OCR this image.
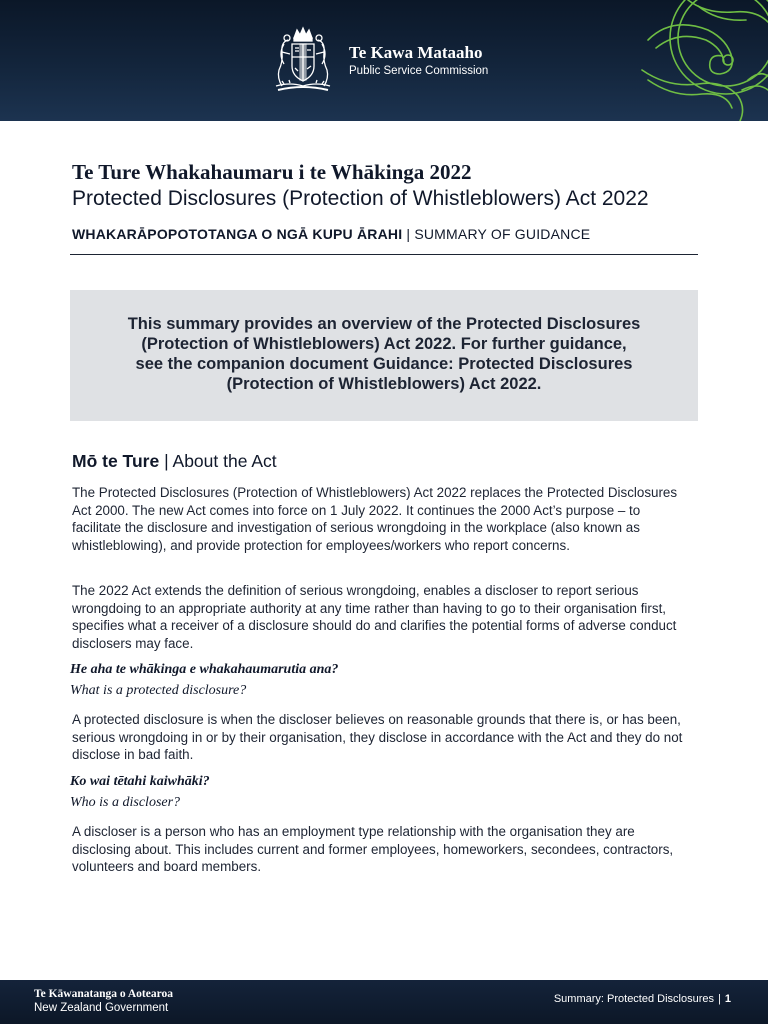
Te Kawa Mataaho
Public Service Commission
Te Ture Whakahaumaru i te Whākinga 2022
Protected Disclosures (Protection of Whistleblowers) Act 2022
WHAKARĀPOPOTOTANGA O NGĀ KUPU ĀRAHI | SUMMARY OF GUIDANCE
This summary provides an overview of the Protected Disclosures (Protection of Whistleblowers) Act 2022. For further guidance, see the companion document Guidance: Protected Disclosures (Protection of Whistleblowers) Act 2022.
Mō te Ture | About the Act

The Protected Disclosures (Protection of Whistleblowers) Act 2022 replaces the Protected Disclosures Act 2000. The new Act comes into force on 1 July 2022. It continues the 2000 Act’s purpose – to facilitate the disclosure and investigation of serious wrongdoing in the workplace (also known as whistleblowing), and provide protection for employees/workers who report concerns.

The 2022 Act extends the definition of serious wrongdoing, enables a discloser to report serious wrongdoing to an appropriate authority at any time rather than having to go to their organisation first, specifies what a receiver of a disclosure should do and clarifies the potential forms of adverse conduct disclosers may face.

He aha te whākinga e whakahaumarutia ana?
What is a protected disclosure?

A protected disclosure is when the discloser believes on reasonable grounds that there is, or has been, serious wrongdoing in or by their organisation, they disclose in accordance with the Act and they do not disclose in bad faith.

Ko wai tētahi kaiwhāki?
Who is a discloser?

A discloser is a person who has an employment type relationship with the organisation they are disclosing about. This includes current and former employees, homeworkers, secondees, contractors, volunteers and board members.

Te Kāwanatanga o Aotearoa
New Zealand Government
Summary: Protected Disclosures | 1
